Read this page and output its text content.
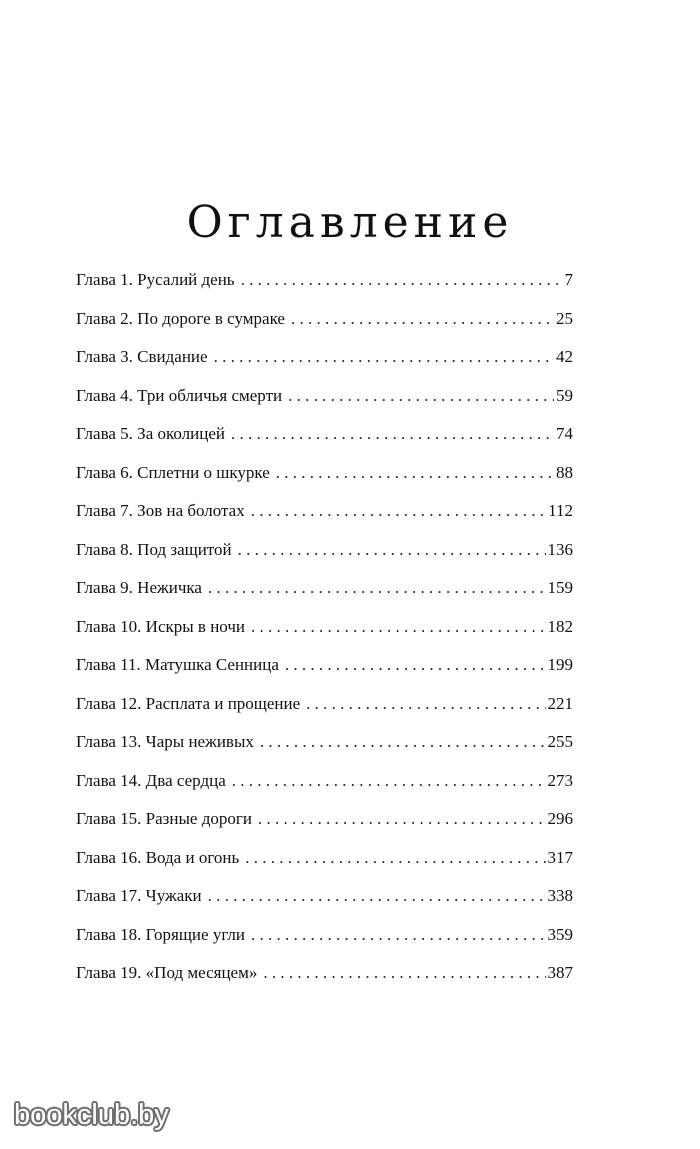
Оглавление
Глава 1. Русалий день . . .	7
Глава 2. По дороге в сумраке . . .	25
Глава 3. Свидание . . .	42
Глава 4. Три обличья смерти . . .	59
Глава 5. За околицей . . .	74
Глава 6. Сплетни о шкурке . . .	88
Глава 7. Зов на болотах . . .	112
Глава 8. Под защитой . . .	136
Глава 9. Нежичка . . .	159
Глава 10. Искры в ночи . . .	182
Глава 11. Матушка Сенница . . .	199
Глава 12. Расплата и прощение . . .	221
Глава 13. Чары неживых . . .	255
Глава 14. Два сердца . . .	273
Глава 15. Разные дороги . . .	296
Глава 16. Вода и огонь . . .	317
Глава 17. Чужаки . . .	338
Глава 18. Горящие угли . . .	359
Глава 19. «Под месяцем» . . .	387
bookclub.by
